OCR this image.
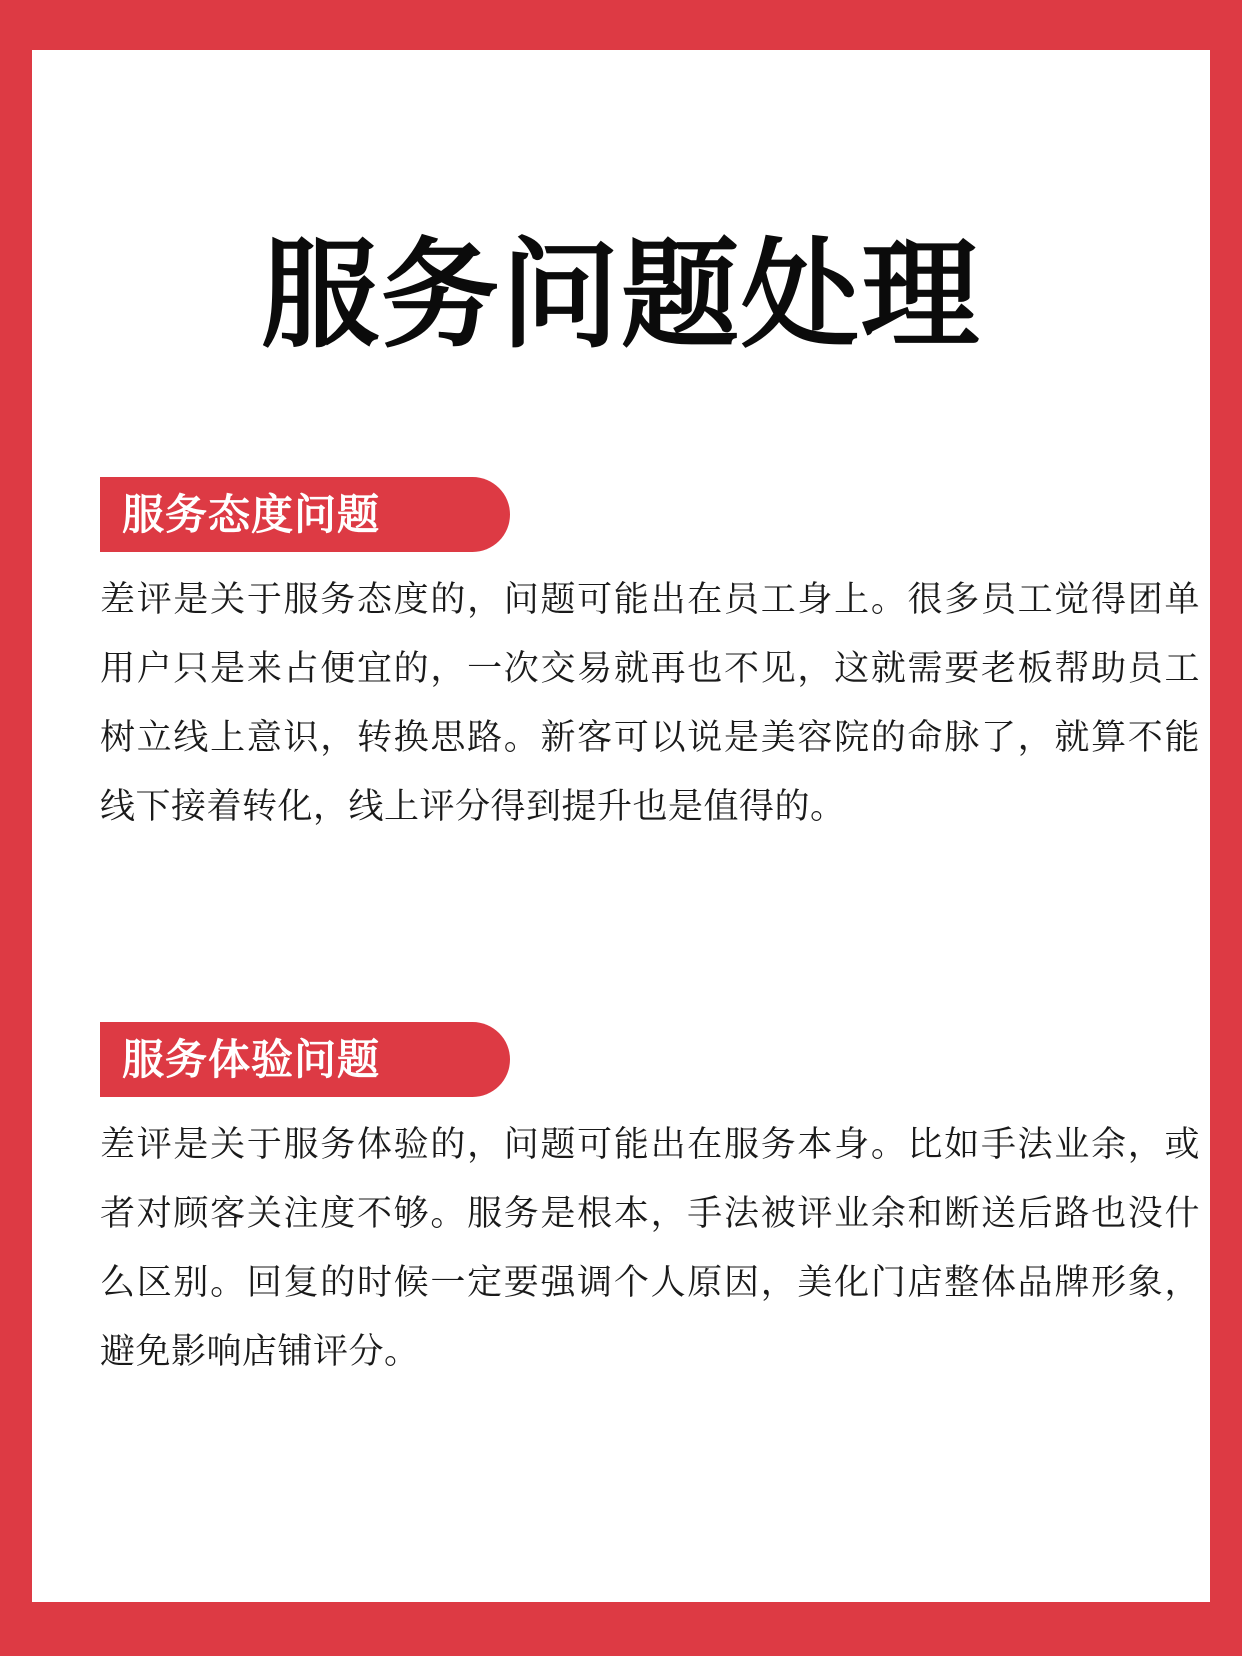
服务问题处理
服务态度问题

差评是关于服务态度的，问题可能出在员工身上。很多员工觉得团单用户只是来占便宜的，一次交易就再也不见，这就需要老板帮助员工树立线上意识，转换思路。新客可以说是美容院的命脉了，就算不能线下接着转化，线上评分得到提升也是值得的。

服务体验问题

差评是关于服务体验的，问题可能出在服务本身。比如手法业余，或者对顾客关注度不够。服务是根本，手法被评业余和断送后路也没什么区别。回复的时候一定要强调个人原因，美化门店整体品牌形象，避免影响店铺评分。
